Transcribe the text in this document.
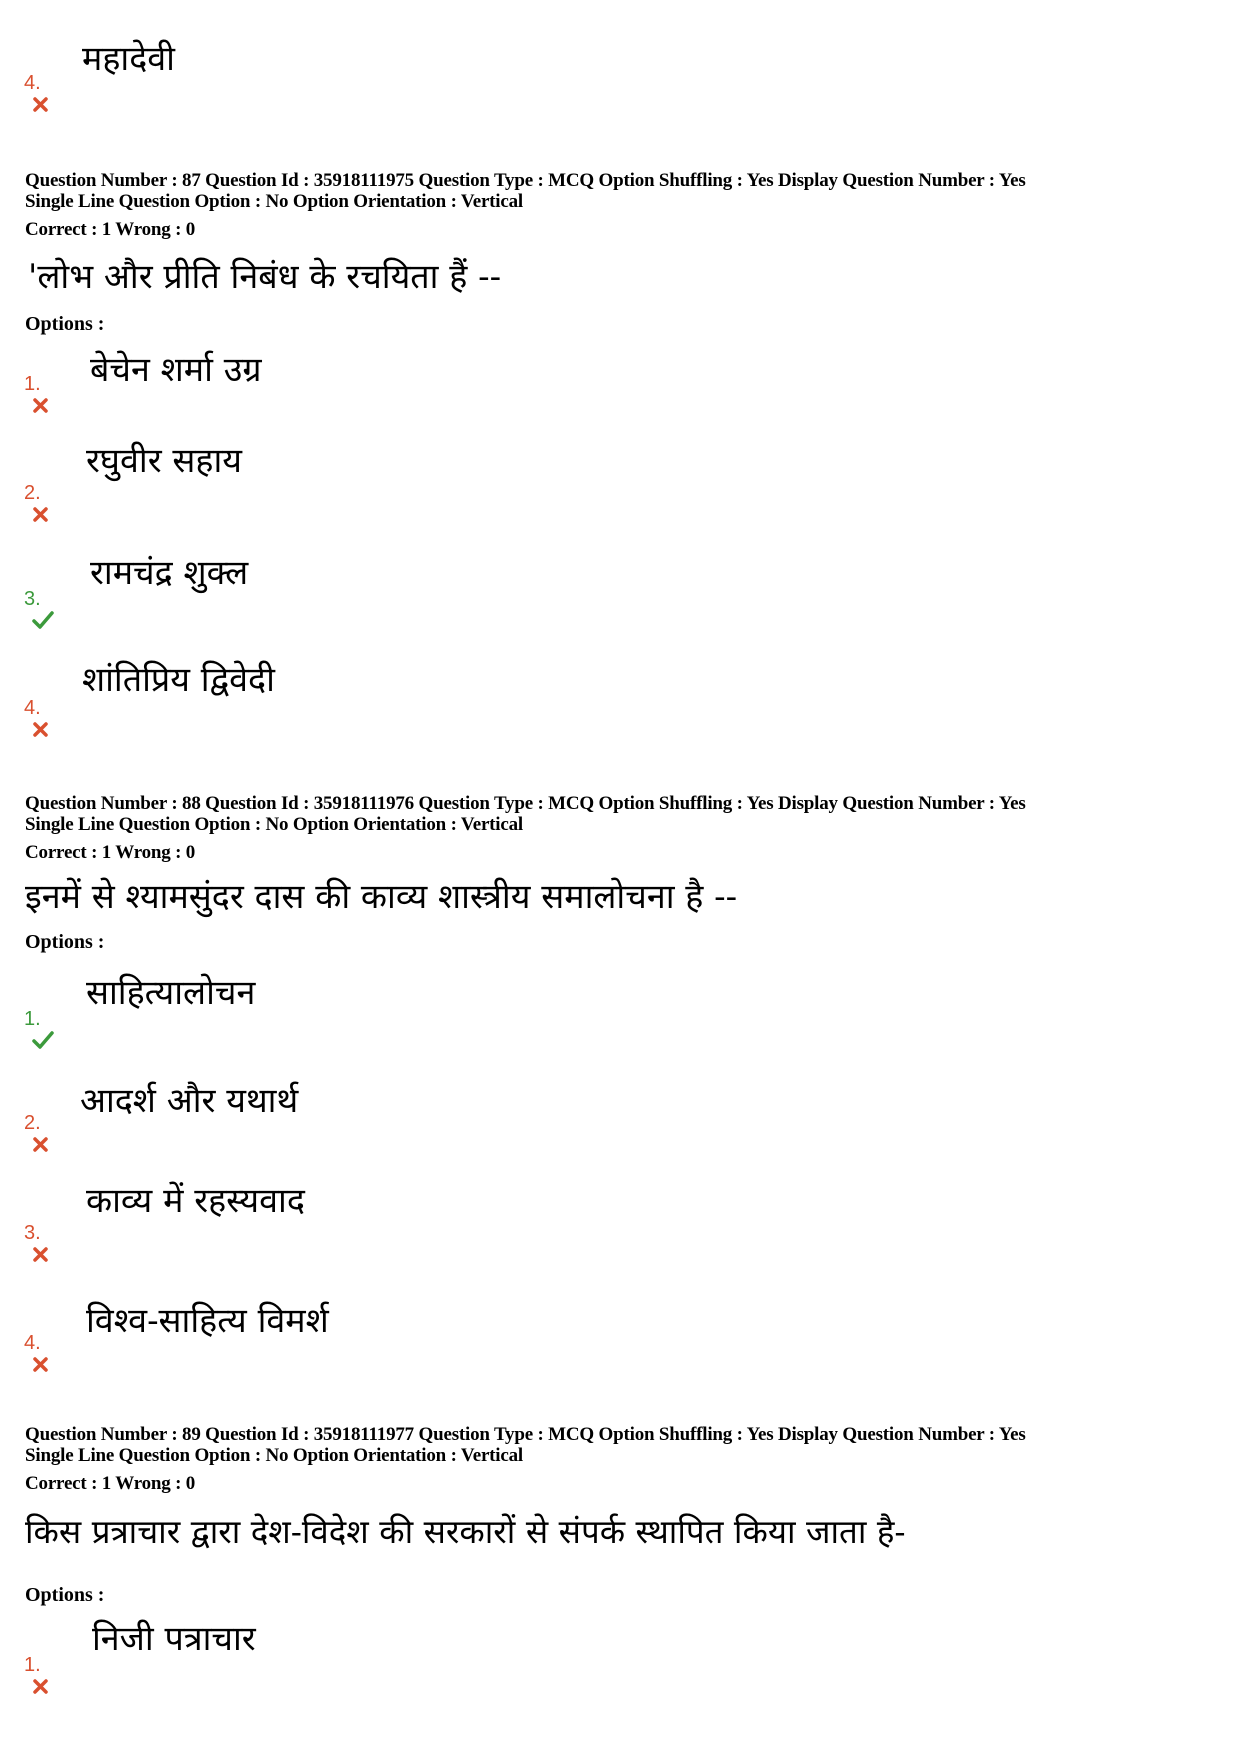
महादेवी
4.
Question Number : 87 Question Id : 35918111975 Question Type : MCQ Option Shuffling : Yes Display Question Number : Yes
Single Line Question Option : No Option Orientation : Vertical
Correct : 1 Wrong : 0
'लोभ और प्रीति निबंध के रचयिता हैं --
Options :
बेचेन शर्मा उग्र
1.
रघुवीर सहाय
2.
रामचंद्र शुक्ल
3.
शांतिप्रिय द्विवेदी
4.
Question Number : 88 Question Id : 35918111976 Question Type : MCQ Option Shuffling : Yes Display Question Number : Yes
Single Line Question Option : No Option Orientation : Vertical
Correct : 1 Wrong : 0
इनमें से श्यामसुंदर दास की काव्य शास्त्रीय समालोचना है --
Options :
साहित्यालोचन
1.
आदर्श और यथार्थ
2.
काव्य में रहस्यवाद
3.
विश्व-साहित्य विमर्श
4.
Question Number : 89 Question Id : 35918111977 Question Type : MCQ Option Shuffling : Yes Display Question Number : Yes
Single Line Question Option : No Option Orientation : Vertical
Correct : 1 Wrong : 0
किस प्रत्राचार द्वारा देश-विदेश की सरकारों से संपर्क स्थापित किया जाता है-
Options :
निजी पत्राचार
1.
